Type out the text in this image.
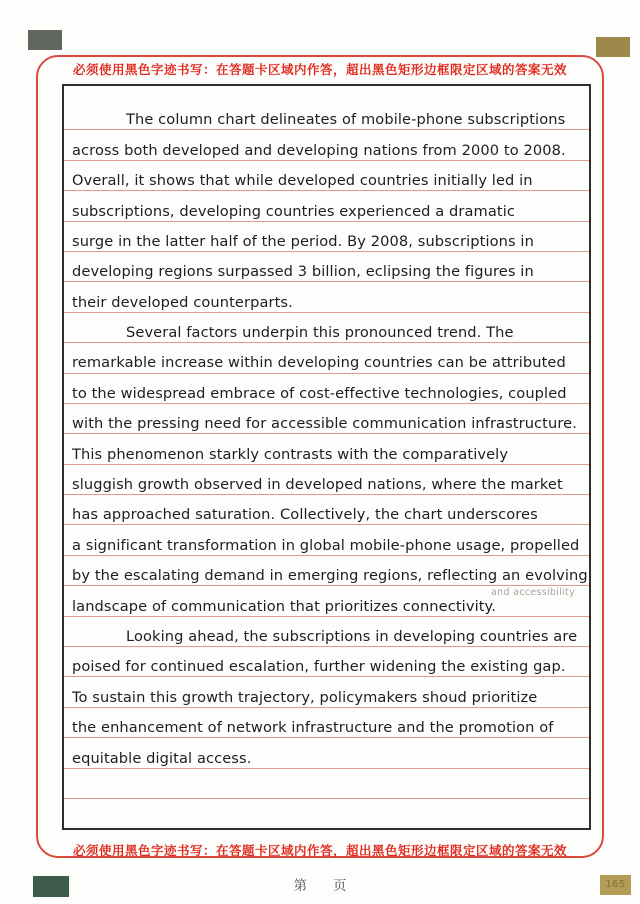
165
必须使用黑色字迹书写：在答题卡区域内作答，超出黑色矩形边框限定区域的答案无效
The column chart delineates of mobile-phone subscriptions
across both developed and developing nations from 2000 to 2008.
Overall, it shows that while developed countries initially led in
subscriptions, developing countries experienced a dramatic
surge in the latter half of the period. By 2008, subscriptions in
developing regions surpassed 3 billion, eclipsing the figures in
their developed counterparts.
Several factors underpin this pronounced trend. The
remarkable increase within developing countries can be attributed
to the widespread embrace of cost-effective technologies, coupled
with the pressing need for accessible communication infrastructure.
This phenomenon starkly contrasts with the comparatively
sluggish growth observed in developed nations, where the market
has approached saturation. Collectively, the chart underscores
a significant transformation in global mobile-phone usage, propelled
by the escalating demand in emerging regions, reflecting an evolving
landscape of communication that prioritizes connectivity.
and accessibility
Looking ahead, the subscriptions in developing countries are
poised for continued escalation, further widening the existing gap.
To sustain this growth trajectory, policymakers shoud prioritize
the enhancement of network infrastructure and the promotion of
equitable digital access.
必须使用黑色字迹书写：在答题卡区域内作答，超出黑色矩形边框限定区域的答案无效
第 页
